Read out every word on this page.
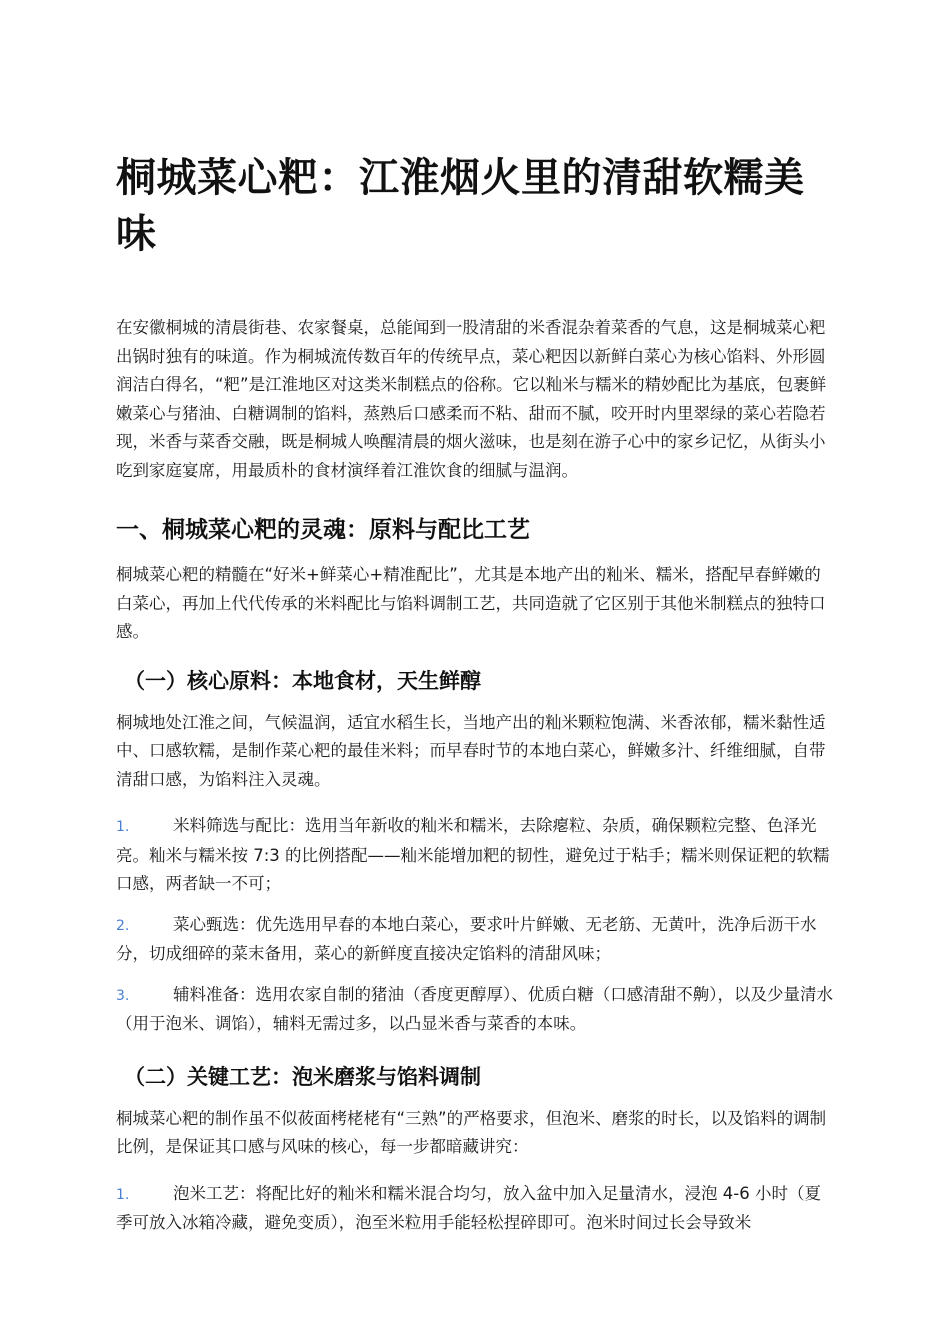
桐城菜心粑：江淮烟火里的清甜软糯美味

在安徽桐城的清晨街巷、农家餐桌，总能闻到一股清甜的米香混杂着菜香的气息，这是桐城菜心粑出锅时独有的味道。作为桐城流传数百年的传统早点，菜心粑因以新鲜白菜心为核心馅料、外形圆润洁白得名，“粑”是江淮地区对这类米制糕点的俗称。它以籼米与糯米的精妙配比为基底，包裹鲜嫩菜心与猪油、白糖调制的馅料，蒸熟后口感柔而不粘、甜而不腻，咬开时内里翠绿的菜心若隐若现，米香与菜香交融，既是桐城人唤醒清晨的烟火滋味，也是刻在游子心中的家乡记忆，从街头小吃到家庭宴席，用最质朴的食材演绎着江淮饮食的细腻与温润。

一、桐城菜心粑的灵魂：原料与配比工艺

桐城菜心粑的精髓在“好米+鲜菜心+精准配比”，尤其是本地产出的籼米、糯米，搭配早春鲜嫩的白菜心，再加上代代传承的米料配比与馅料调制工艺，共同造就了它区别于其他米制糕点的独特口感。

（一）核心原料：本地食材，天生鲜醇

桐城地处江淮之间，气候温润，适宜水稻生长，当地产出的籼米颗粒饱满、米香浓郁，糯米黏性适中、口感软糯，是制作菜心粑的最佳米料；而早春时节的本地白菜心，鲜嫩多汁、纤维细腻，自带清甜口感，为馅料注入灵魂。

1.	米料筛选与配比：选用当年新收的籼米和糯米，去除瘪粒、杂质，确保颗粒完整、色泽光亮。籼米与糯米按 7:3 的比例搭配——籼米能增加粑的韧性，避免过于粘手；糯米则保证粑的软糯口感，两者缺一不可；
2.	菜心甄选：优先选用早春的本地白菜心，要求叶片鲜嫩、无老筋、无黄叶，洗净后沥干水分，切成细碎的菜末备用，菜心的新鲜度直接决定馅料的清甜风味；
3.	辅料准备：选用农家自制的猪油（香度更醇厚）、优质白糖（口感清甜不齁），以及少量清水（用于泡米、调馅），辅料无需过多，以凸显米香与菜香的本味。
（二）关键工艺：泡米磨浆与馅料调制

桐城菜心粑的制作虽不似莜面栲栳栳有“三熟”的严格要求，但泡米、磨浆的时长，以及馅料的调制比例，是保证其口感与风味的核心，每一步都暗藏讲究：

1.	泡米工艺：将配比好的籼米和糯米混合均匀，放入盆中加入足量清水，浸泡 4-6 小时（夏季可放入冰箱冷藏，避免变质），泡至米粒用手能轻松捏碎即可。泡米时间过长会导致米
